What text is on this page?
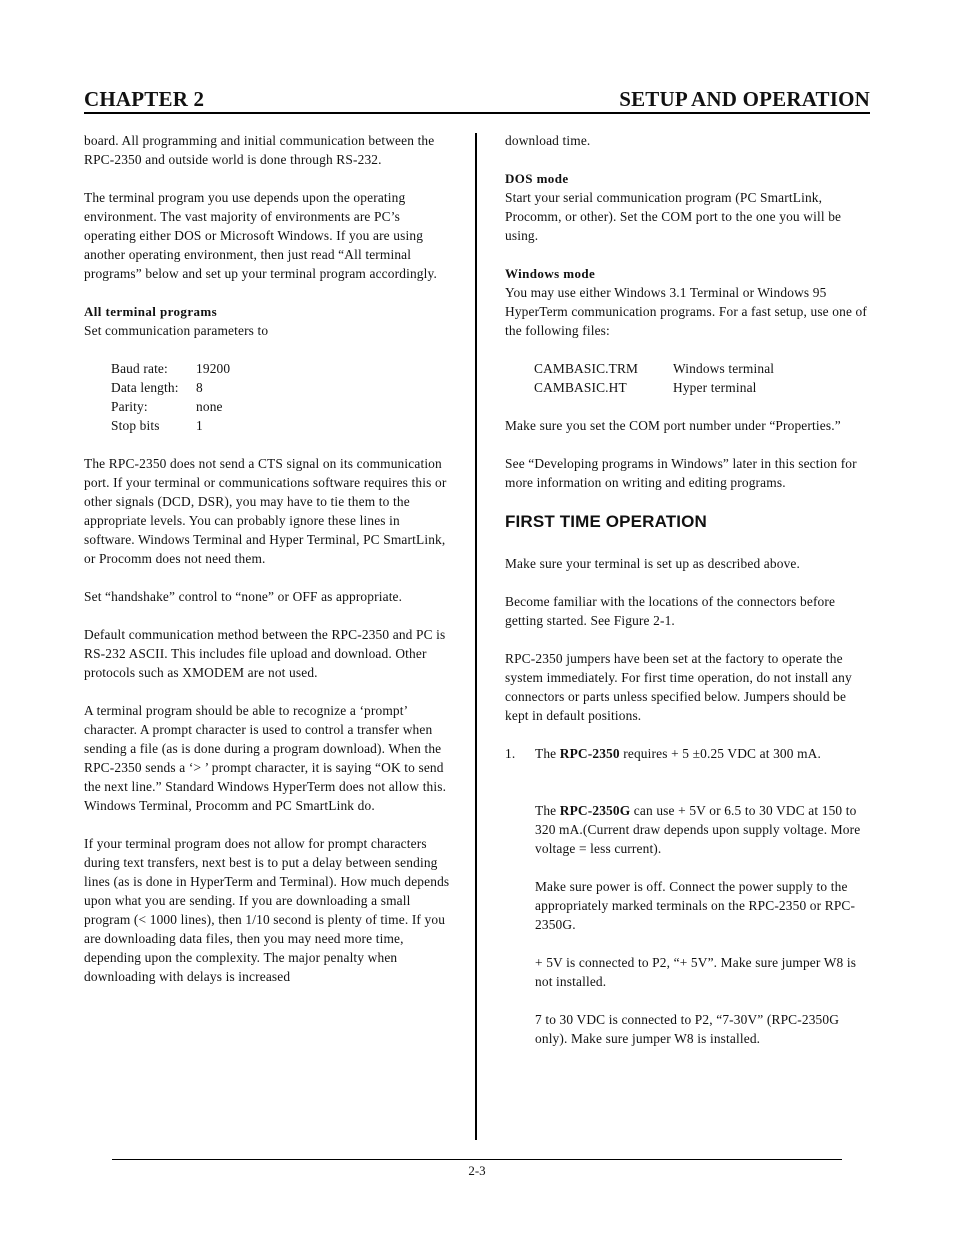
CHAPTER 2	SETUP AND OPERATION

board. All programming and initial communication between the RPC-2350 and outside world is done through RS-232.

The terminal program you use depends upon the operating environment. The vast majority of environments are PC’s operating either DOS or Microsoft Windows. If you are using another operating environment, then just read “All terminal programs” below and set up your terminal program accordingly.

All terminal programs
Set communication parameters to
Baud rate:	19200
Data length:	8
Parity:	none
Stop bits	1

The RPC-2350 does not send a CTS signal on its communication port. If your terminal or communications software requires this or other signals (DCD, DSR), you may have to tie them to the appropriate levels. You can probably ignore these lines in software. Windows Terminal and Hyper Terminal, PC SmartLink, or Procomm does not need them.

Set “handshake” control to “none” or OFF as appropriate.

Default communication method between the RPC-2350 and PC is RS-232 ASCII. This includes file upload and download. Other protocols such as XMODEM are not used.

A terminal program should be able to recognize a ‘prompt’ character. A prompt character is used to control a transfer when sending a file (as is done during a program download). When the RPC-2350 sends a ‘> ’ prompt character, it is saying “OK to send the next line.” Standard Windows HyperTerm does not allow this. Windows Terminal, Procomm and PC SmartLink do.

If your terminal program does not allow for prompt characters during text transfers, next best is to put a delay between sending lines (as is done in HyperTerm and Terminal). How much depends upon what you are sending. If you are downloading a small program (< 1000 lines), then 1/10 second is plenty of time. If you are downloading data files, then you may need more time, depending upon the complexity. The major penalty when downloading with delays is increased

download time.

DOS mode

Start your serial communication program (PC SmartLink, Procomm, or other). Set the COM port to the one you will be using.

Windows mode

You may use either Windows 3.1 Terminal or Windows 95 HyperTerm communication programs. For a fast setup, use one of the following files:

CAMBASIC.TRM	Windows terminal
CAMBASIC.HT	Hyper terminal

Make sure you set the COM port number under “Properties.”

See “Developing programs in Windows” later in this section for more information on writing and editing programs.

FIRST TIME OPERATION

Make sure your terminal is set up as described above.

Become familiar with the locations of the connectors before getting started. See Figure 2-1.

RPC-2350 jumpers have been set at the factory to operate the system immediately. For first time operation, do not install any connectors or parts unless specified below. Jumpers should be kept in default positions.

1.	The RPC-2350 requires + 5 ±0.25 VDC at 300 mA.

The RPC-2350G can use + 5V or 6.5 to 30 VDC at 150 to 320 mA.(Current draw depends upon supply voltage. More voltage = less current).

Make sure power is off. Connect the power supply to the appropriately marked terminals on the RPC-2350 or RPC-2350G.

+ 5V is connected to P2, “+ 5V”. Make sure jumper W8 is not installed.

7 to 30 VDC is connected to P2, “7-30V” (RPC-2350G only). Make sure jumper W8 is installed.

2-3
